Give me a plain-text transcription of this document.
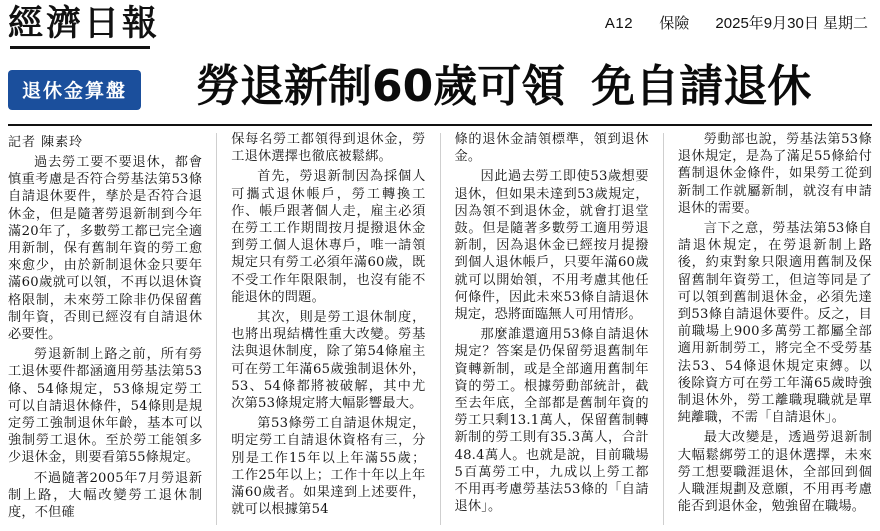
經濟日報	A12 保險 2025年9月30日 星期二
退休金算盤	勞退新制60歲可領 免自請退休
記者 陳素玲

過去勞工要不要退休，都會慎重考慮是否符合勞基法第53條自請退休要件，孳於是否符合退休金，但是隨著勞退新制到今年滿20年了，多數勞工都已完全適用新制，保有舊制年資的勞工愈來愈少，由於新制退休金只要年滿60歲就可以領，不再以退休資格限制，未來勞工除非仍保留舊制年資，否則已經沒有自請退休必要性。

勞退新制上路之前，所有勞工退休要件都涵適用勞基法第53條、54條規定，53條規定勞工可以自請退休條件，54條則是規定勞工強制退休年齡，基本可以強制勞工退休。至於勞工能領多少退休金，則要看第55條規定。

不過隨著2005年7月勞退新制上路，大幅改變勞工退休制度，不但確

保每名勞工都領得到退休金，勞工退休選擇也徹底被鬆綁。

首先，勞退新制因為採個人可攜式退休帳戶，勞工轉換工作、帳戶跟著個人走，雇主必須在勞工工作期間按月提撥退休金到勞工個人退休專戶，唯一請領規定只有勞工必須年滿60歲，既不受工作年限限制，也沒有能不能退休的問題。

其次，則是勞工退休制度，也將出現結構性重大改變。勞基法與退休制度，除了第54條雇主可在勞工年滿65歲強制退休外，53、54條都將被破解，其中尤次第53條規定將大幅影響最大。

第53條勞工自請退休規定，明定勞工自請退休資格有三，分別是工作15年以上年滿55歲；工作25年以上；工作十年以上年滿60歲者。如果達到上述要件，就可以根據第54

條的退休金請領標準，領到退休金。

因此過去勞工即使53歲想要退休，但如果未達到53歲規定，因為領不到退休金，就會打退堂鼓。但是隨著多數勞工適用勞退新制，因為退休金已經按月提撥到個人退休帳戶，只要年滿60歲就可以開始領，不用考慮其他任何條件，因此未來53條自請退休規定，恐將面臨無人可用情形。

那麼誰還適用53條自請退休規定？答案是仍保留勞退舊制年資轉新制，或是全部適用舊制年資的勞工。根據勞動部統計，截至去年底，全部都是舊制年資的勞工只剩13.1萬人，保留舊制轉新制的勞工則有35.3萬人，合計48.4萬人。也就是說，目前職場5百萬勞工中，九成以上勞工都不用再考慮勞基法53條的「自請退休」。

勞動部也說，勞基法第53條退休規定，是為了滿足55條給付舊制退休金條件，如果勞工從到新制工作就屬新制，就沒有申請退休的需要。

言下之意，勞基法第53條自請退休規定，在勞退新制上路後，約束對象只限適用舊制及保留舊制年資勞工，但這等同是了可以領到舊制退休金，必須先達到53條自請退休要件。反之，目前職場上900多萬勞工都屬全部適用新制勞工，將完全不受勞基法53、54條退休規定束縛。以後除資方可在勞工年滿65歲時強制退休外，勞工離職現職就是單純離職，不需「自請退休」。

最大改變是，透過勞退新制大幅鬆綁勞工的退休選擇，未來勞工想要職涯退休，全部回到個人職涯規劃及意願，不用再考慮能否到退休金，勉強留在職場。
